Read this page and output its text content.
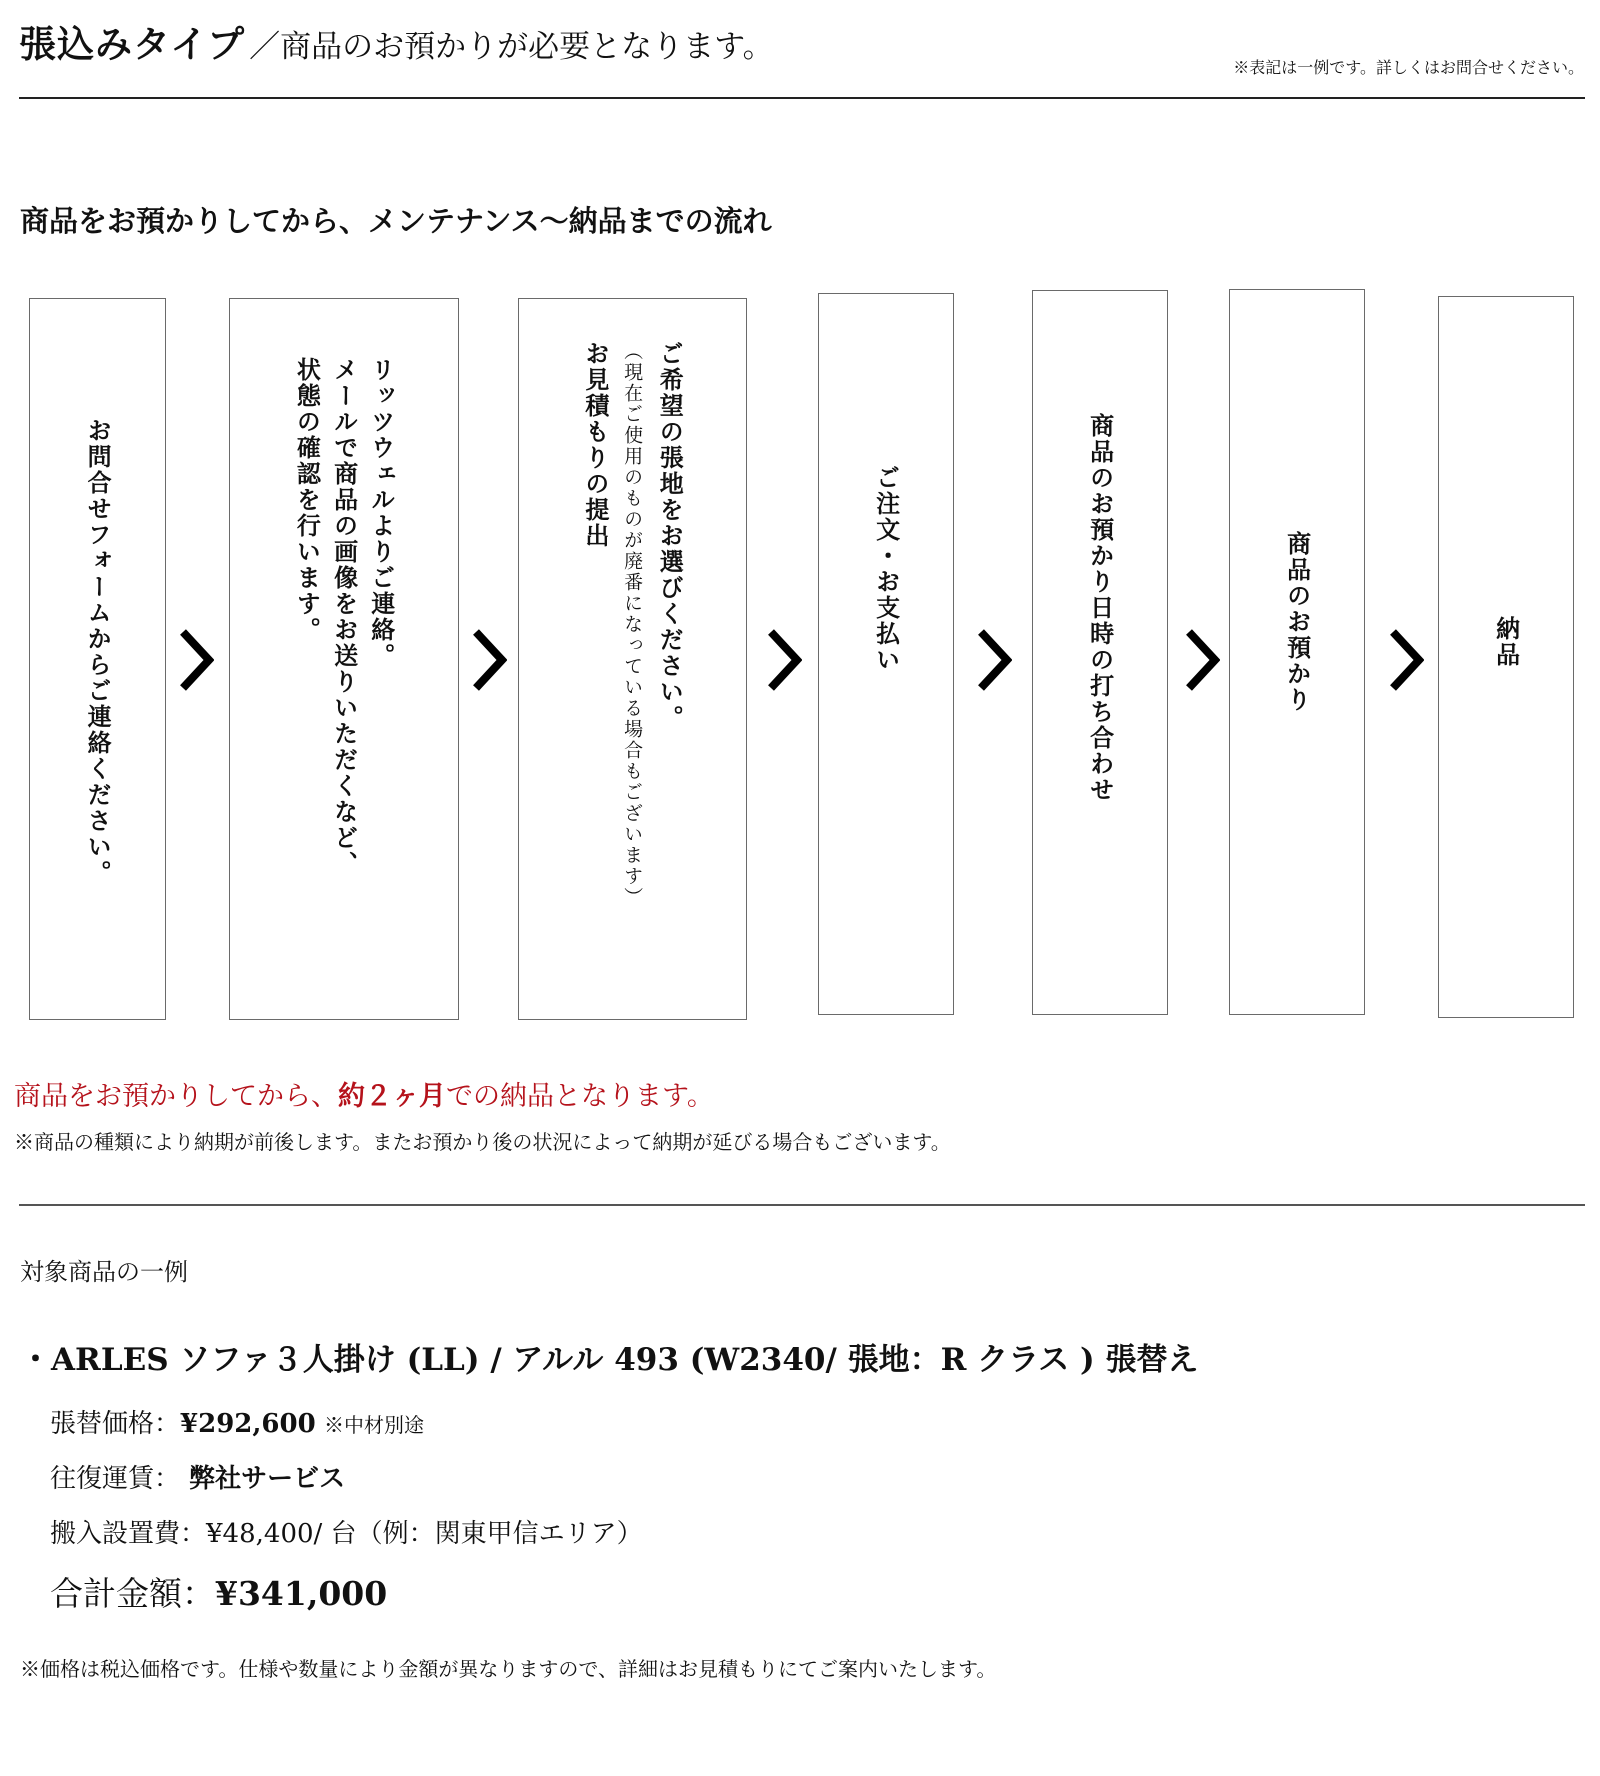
張込みタイプ ／商品のお預かりが必要となります。
※表記は一例です。詳しくはお問合せください。
商品をお預かりしてから、メンテナンス〜納品までの流れ
お問合せフォームからご連絡ください。	リッツウェルよりご連絡。
メールで商品の画像をお送りいただくなど、
状態の確認を行います。	ご希望の張地をお選びください。
（現在ご使用のものが廃番になっている場合もございます）
お見積もりの提出
ご注文・お支払い	商品のお預かり日時の打ち合わせ	商品のお預かり	納品
商品をお預かりしてから、約２ヶ月での納品となります。
※商品の種類により納期が前後します。またお預かり後の状況によって納期が延びる場合もございます。
対象商品の一例
・ARLES ソファ３人掛け (LL) / アルル 493 (W2340/ 張地：R クラス ) 張替え
張替価格：¥292,600 ※中材別途
往復運賃： 弊社サービス
搬入設置費：¥48,400/ 台（例：関東甲信エリア）
合計金額：¥341,000
※価格は税込価格です。仕様や数量により金額が異なりますので、詳細はお見積もりにてご案内いたします。
